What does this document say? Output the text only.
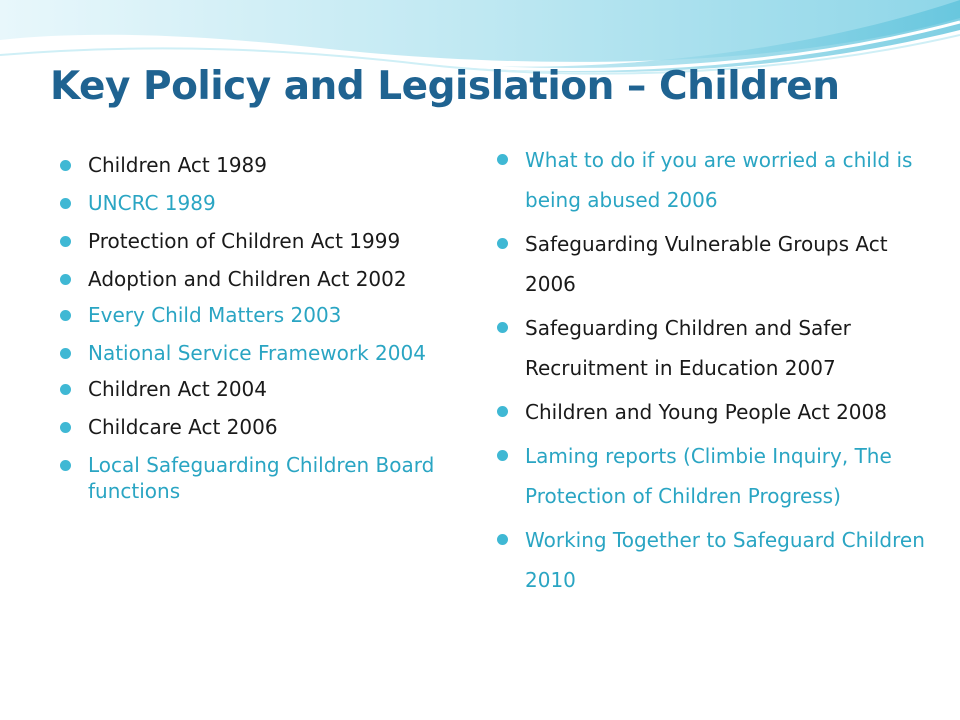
Key Policy and Legislation – Children
Children Act 1989
UNCRC 1989
Protection of Children Act 1999
Adoption and Children Act 2002
Every Child Matters 2003
National Service Framework 2004
Children Act 2004
Childcare Act 2006
Local Safeguarding Children Board functions
What to do if you are worried a child is being abused 2006
Safeguarding Vulnerable Groups Act 2006
Safeguarding Children and Safer Recruitment in Education 2007
Children and Young People Act 2008
Laming reports (Climbie Inquiry, The Protection of Children Progress)
Working Together to Safeguard Children 2010
